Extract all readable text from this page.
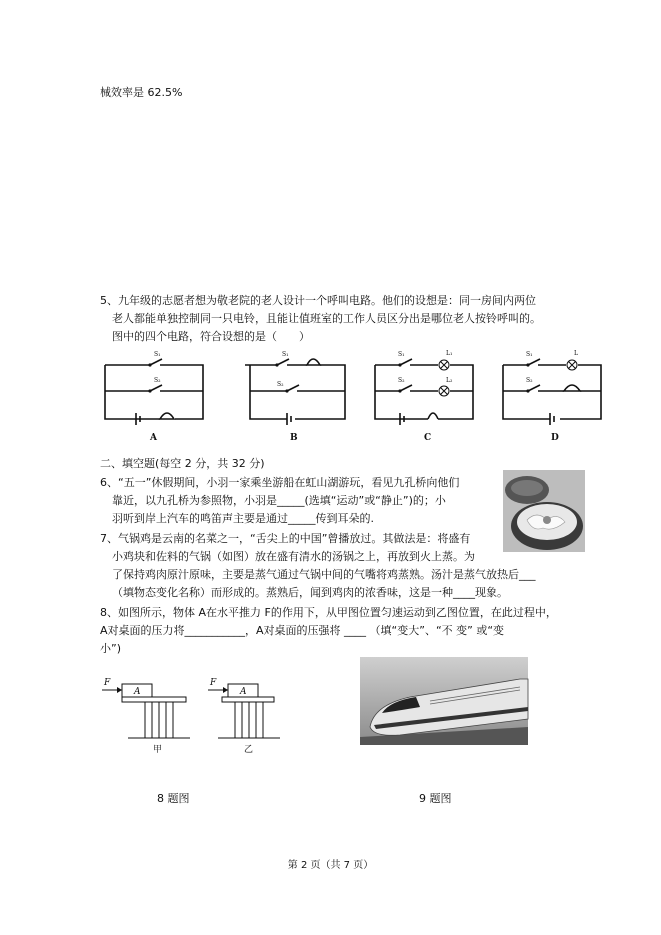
械效率是 62.5%
5、九年级的志愿者想为敬老院的老人设计一个呼叫电路。他们的设想是：同一房间内两位
老人都能单独控制同一只电铃，且能让值班室的工作人员区分出是哪位老人按铃呼叫的。
图中的四个电路，符合设想的是（　　）
S₁
S₂
A
S₁
S₂
B
S₁	L₁
S₂	L₂
C
S₁	L
S₂
D
二、填空题(每空 2 分，共 32 分)
6、“五一”休假期间，小羽一家乘坐游船在虹山湖游玩，看见九孔桥向他们
靠近，以九孔桥为参照物，小羽是_____(选填“运动”或“静止”)的；小
羽听到岸上汽车的鸣笛声主要是通过_____传到耳朵的.
7、气锅鸡是云南的名菜之一，“舌尖上的中国”曾播放过。其做法是：将盛有
小鸡块和佐料的气锅（如图）放在盛有清水的汤锅之上，再放到火上蒸。为
了保持鸡肉原汁原味，主要是蒸气通过气锅中间的气嘴将鸡蒸熟。汤汁是蒸气放热后___
（填物态变化名称）而形成的。蒸熟后，闻到鸡肉的浓香味，这是一种____现象。
8、如图所示，物体 A在水平推力 F的作用下，从甲图位置匀速运动到乙图位置，在此过程中，
A对桌面的压力将___________，A对桌面的压强将 ____ （填“变大”、“不 变” 或“变
小”)
F
A
甲
F
A
乙
8 题图	9 题图
第 2 页（共 7 页）
